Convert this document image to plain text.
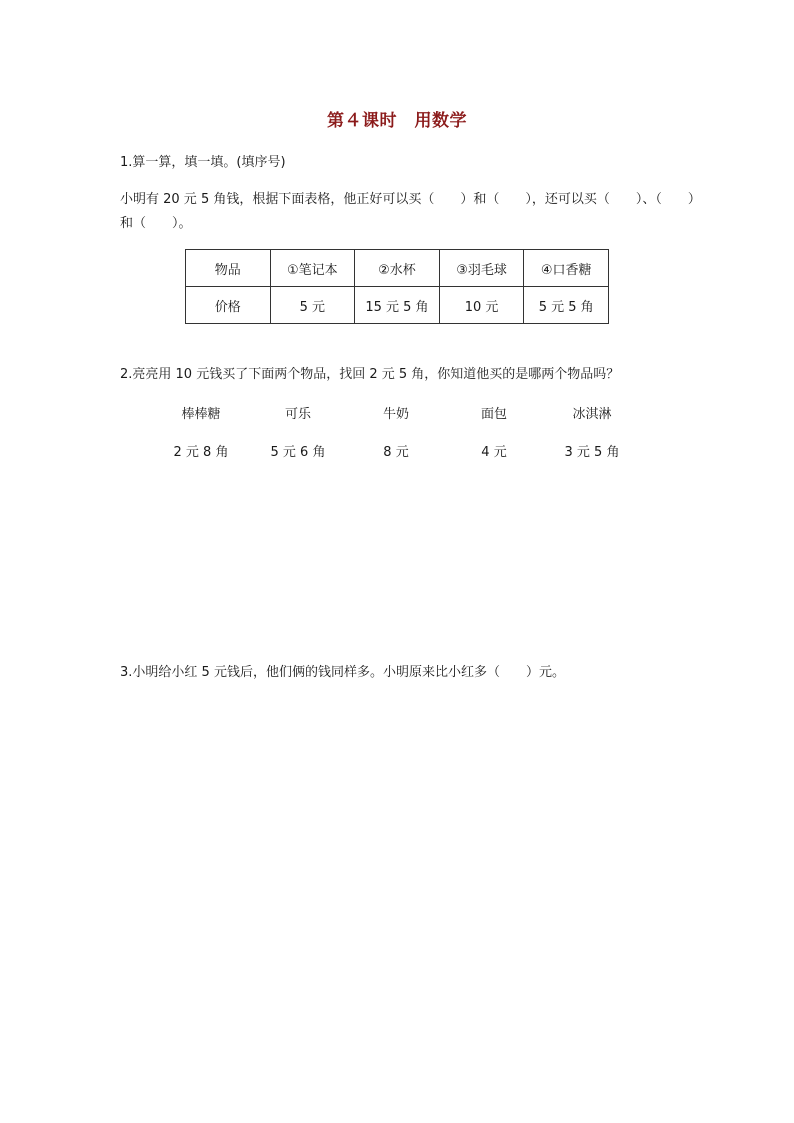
第４课时　用数学
1.算一算，填一填。(填序号)
小明有 20 元 5 角钱，根据下面表格，他正好可以买（　　）和（　　），还可以买（　　）、（　　）和（　　）。
物品	①笔记本	②水杯	③羽毛球	④口香糖
价格	5 元	15 元 5 角	10 元	5 元 5 角
2.亮亮用 10 元钱买了下面两个物品，找回 2 元 5 角，你知道他买的是哪两个物品吗？
棒棒糖	可乐	牛奶	面包	冰淇淋
2 元 8 角	5 元 6 角	8 元	4 元	3 元 5 角
3.小明给小红 5 元钱后，他们俩的钱同样多。小明原来比小红多（　　）元。
